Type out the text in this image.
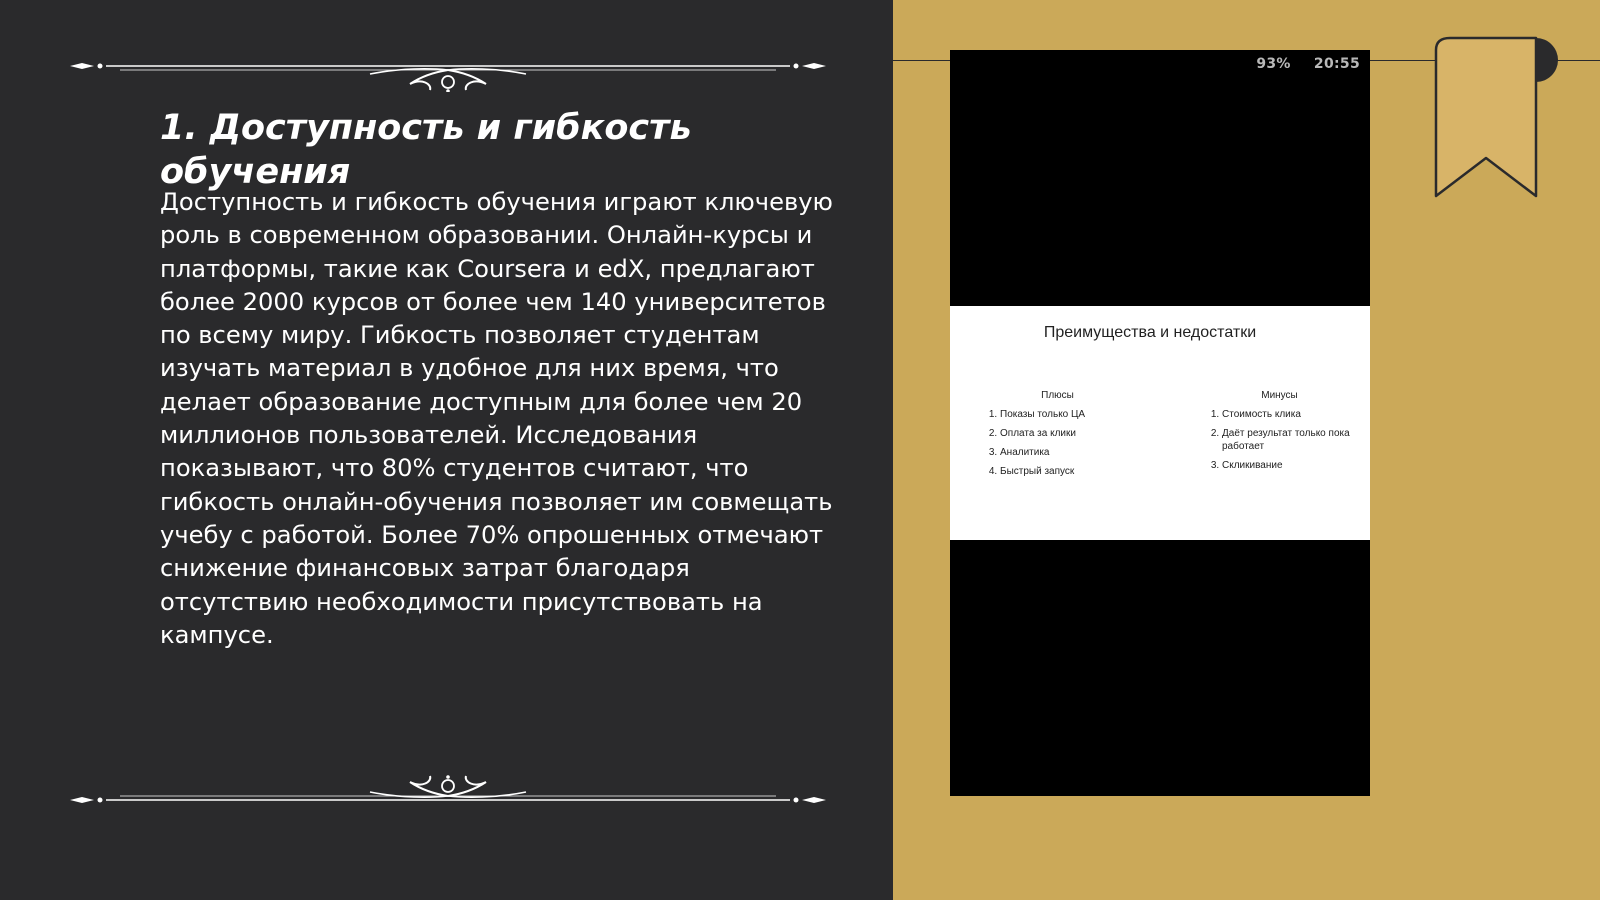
1. Доступность и гибкость обучения

Доступность и гибкость обучения играют ключевую роль в современном образовании. Онлайн-курсы и платформы, такие как Coursera и edX, предлагают более 2000 курсов от более чем 140 университетов по всему миру. Гибкость позволяет студентам изучать материал в удобное для них время, что делает образование доступным для более чем 20 миллионов пользователей. Исследования показывают, что 80% студентов считают, что гибкость онлайн-обучения позволяет им совмещать учебу с работой. Более 70% опрошенных отмечают снижение финансовых затрат благодаря отсутствию необходимости присутствовать на кампусе.

93% 20:55
Преимущества и недостатки
Плюсы
1. Показы только ЦА
2. Оплата за клики
3. Аналитика
4. Быстрый запуск
Минусы
1. Стоимость клика
2. Даёт результат только пока работает
3. Скликивание
